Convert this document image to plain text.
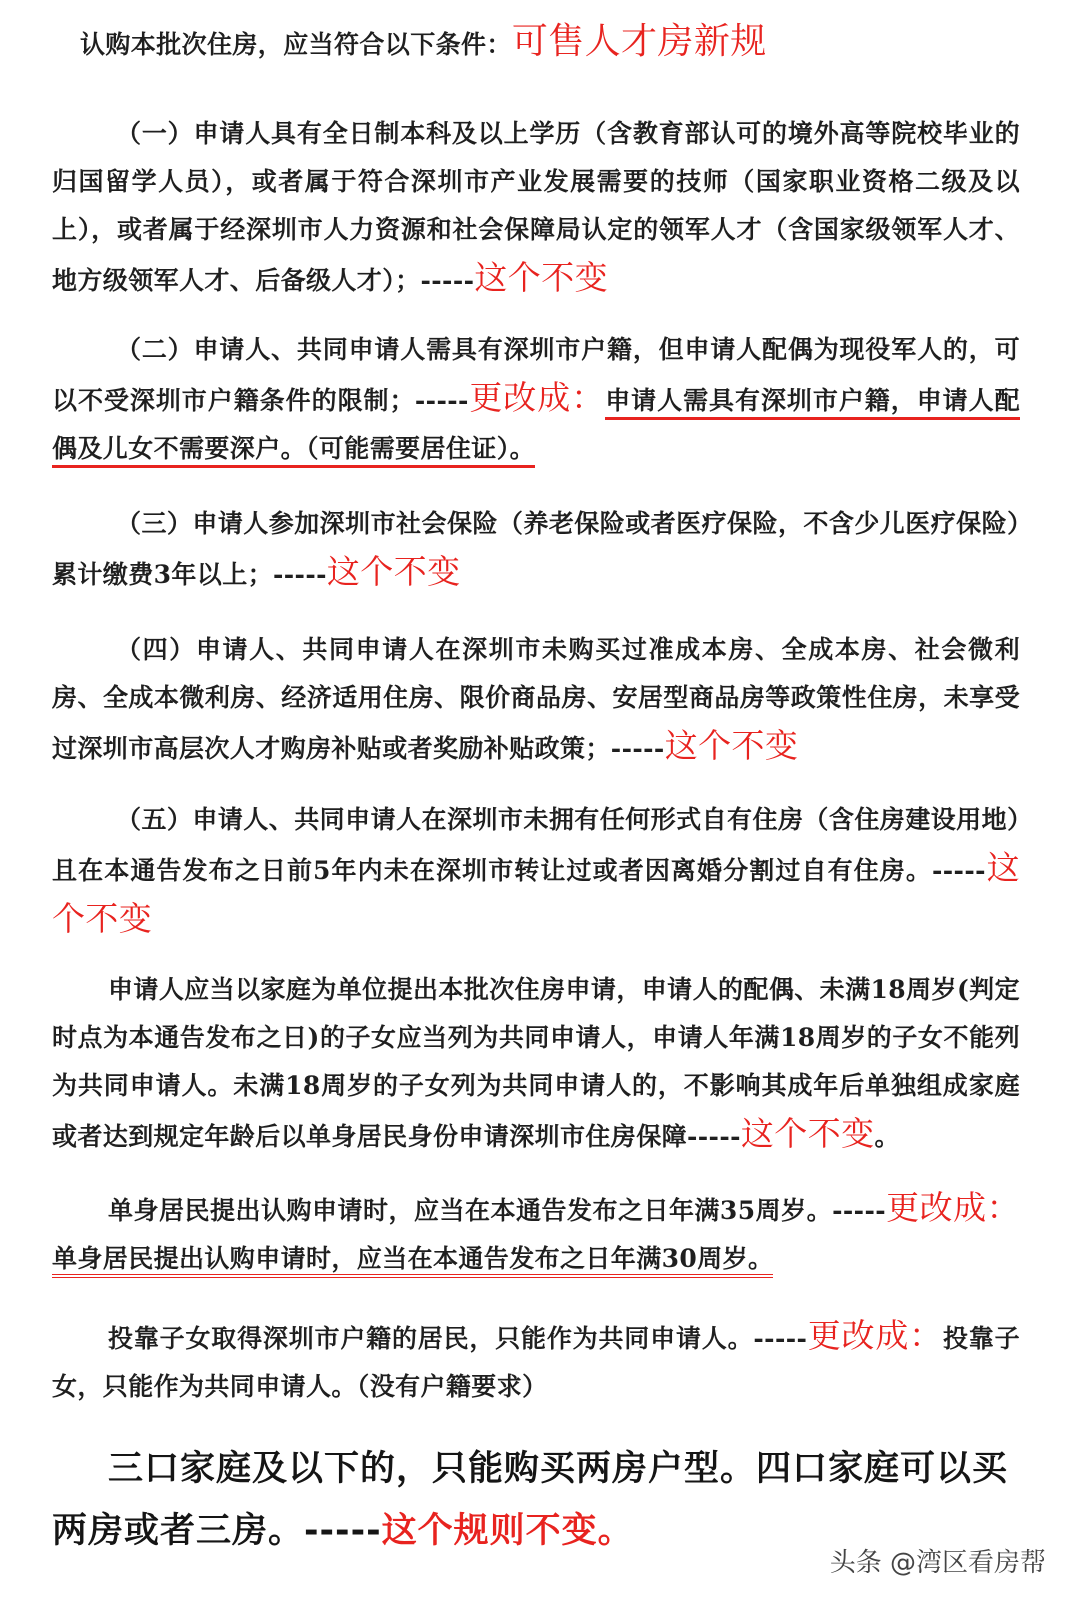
认购本批次住房，应当符合以下条件：可售人才房新规

（一）申请人具有全日制本科及以上学历（含教育部认可的境外高等院校毕业的归国留学人员），或者属于符合深圳市产业发展需要的技师（国家职业资格二级及以上），或者属于经深圳市人力资源和社会保障局认定的领军人才（含国家级领军人才、地方级领军人才、后备级人才）；-----这个不变

（二）申请人、共同申请人需具有深圳市户籍，但申请人配偶为现役军人的，可以不受深圳市户籍条件的限制；-----更改成：申请人需具有深圳市户籍，申请人配偶及儿女不需要深户。（可能需要居住证）。

（三）申请人参加深圳市社会保险（养老保险或者医疗保险，不含少儿医疗保险）累计缴费3年以上；-----这个不变

（四）申请人、共同申请人在深圳市未购买过准成本房、全成本房、社会微利房、全成本微利房、经济适用住房、限价商品房、安居型商品房等政策性住房，未享受过深圳市高层次人才购房补贴或者奖励补贴政策；-----这个不变

（五）申请人、共同申请人在深圳市未拥有任何形式自有住房（含住房建设用地）且在本通告发布之日前5年内未在深圳市转让过或者因离婚分割过自有住房。-----这个不变

申请人应当以家庭为单位提出本批次住房申请，申请人的配偶、未满18周岁(判定时点为本通告发布之日)的子女应当列为共同申请人，申请人年满18周岁的子女不能列为共同申请人。未满18周岁的子女列为共同申请人的，不影响其成年后单独组成家庭或者达到规定年龄后以单身居民身份申请深圳市住房保障-----这个不变。

单身居民提出认购申请时，应当在本通告发布之日年满35周岁。-----更改成：单身居民提出认购申请时，应当在本通告发布之日年满30周岁。

投靠子女取得深圳市户籍的居民，只能作为共同申请人。-----更改成：投靠子女，只能作为共同申请人。（没有户籍要求）

三口家庭及以下的，只能购买两房户型。四口家庭可以买两房或者三房。-----这个规则不变。

头条 @湾区看房帮
